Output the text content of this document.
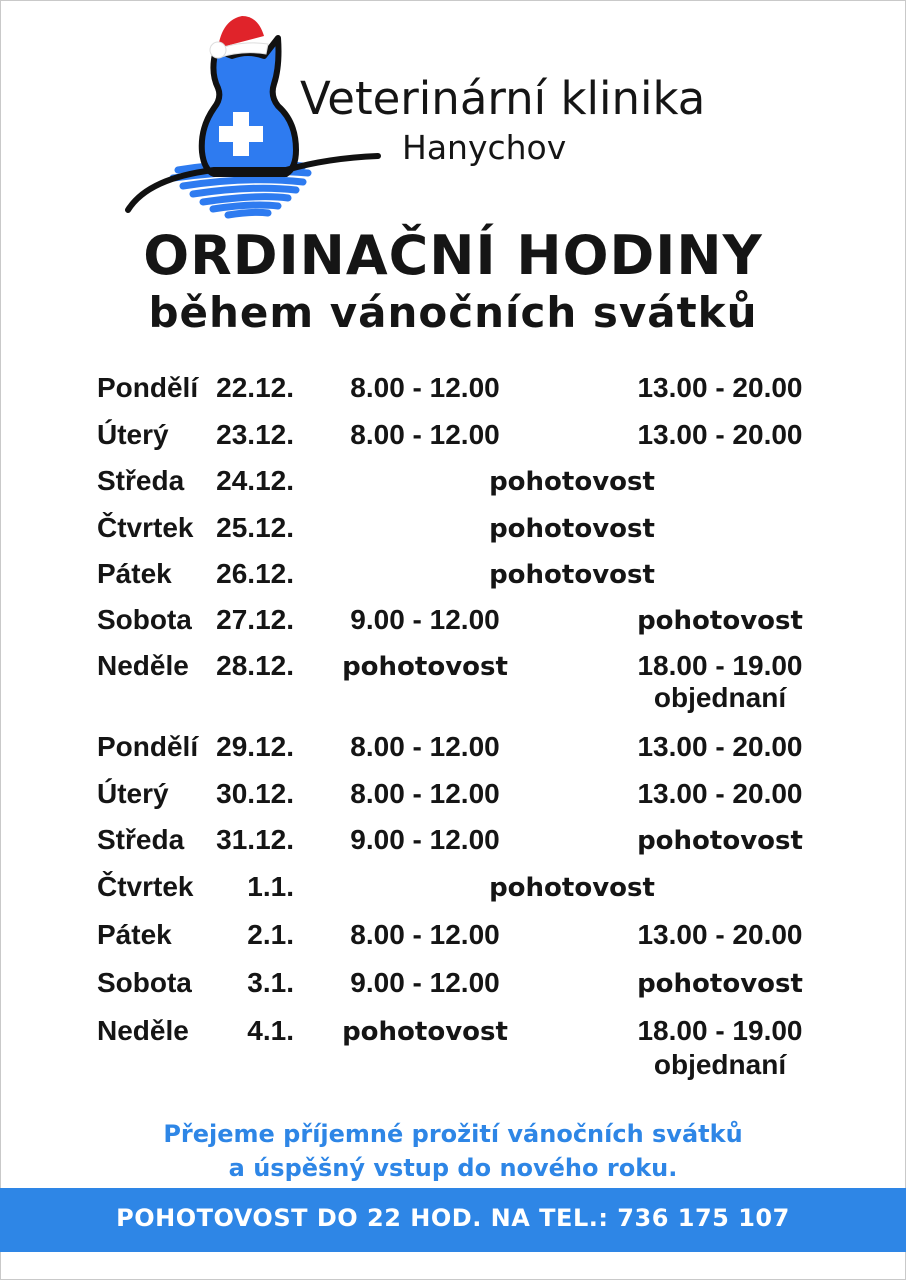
Veterinární klinika
Hanychov
ORDINAČNÍ HODINY
během vánočních svátků
Pondělí 22.12.	8.00 - 12.00	13.00 - 20.00
Úterý	23.12.	8.00 - 12.00	13.00 - 20.00
Středa	24.12.	pohotovost
Čtvrtek 25.12.	pohotovost
Pátek	26.12.	pohotovost
Sobota 27.12.	9.00 - 12.00	pohotovost
Neděle 28.12.	pohotovost	18.00 - 19.00
objednaní
Pondělí 29.12.	8.00 - 12.00	13.00 - 20.00
Úterý	30.12.	8.00 - 12.00	13.00 - 20.00
Středa	31.12.	9.00 - 12.00	pohotovost
Čtvrtek	1.1.	pohotovost
Pátek	2.1.	8.00 - 12.00	13.00 - 20.00
Sobota	3.1.	9.00 - 12.00	pohotovost
Neděle	4.1.	pohotovost	18.00 - 19.00
objednaní
Přejeme příjemné prožití vánočních svátků
a úspěšný vstup do nového roku.
POHOTOVOST DO 22 HOD. NA TEL.: 736 175 107
